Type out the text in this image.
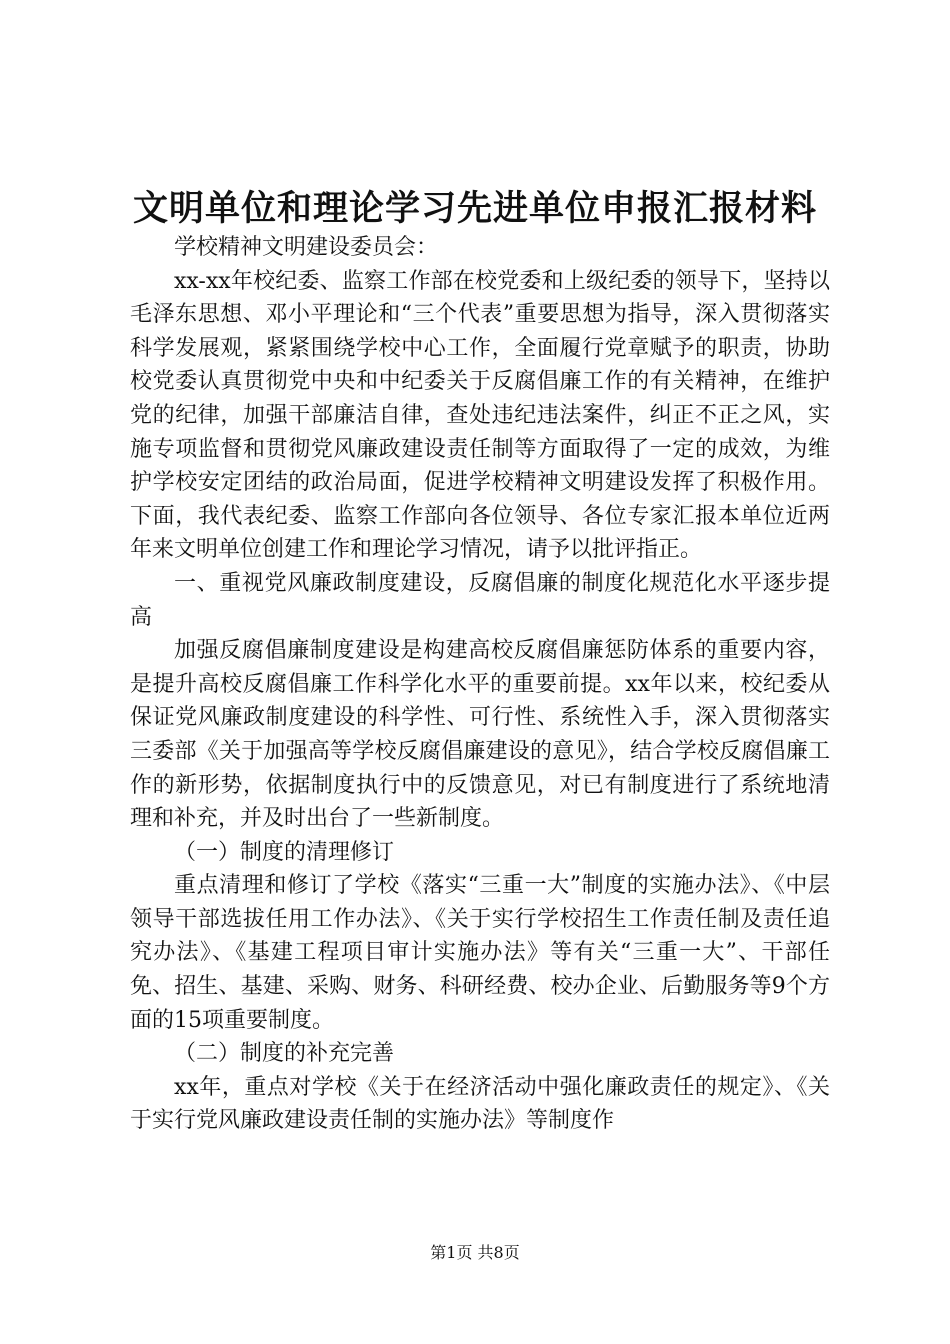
文明单位和理论学习先进单位申报汇报材料

学校精神文明建设委员会：

xx-xx年校纪委、监察工作部在校党委和上级纪委的领导下，坚持以毛泽东思想、邓小平理论和“三个代表”重要思想为指导，深入贯彻落实科学发展观，紧紧围绕学校中心工作，全面履行党章赋予的职责，协助校党委认真贯彻党中央和中纪委关于反腐倡廉工作的有关精神，在维护党的纪律，加强干部廉洁自律，查处违纪违法案件，纠正不正之风，实施专项监督和贯彻党风廉政建设责任制等方面取得了一定的成效，为维护学校安定团结的政治局面，促进学校精神文明建设发挥了积极作用。下面，我代表纪委、监察工作部向各位领导、各位专家汇报本单位近两年来文明单位创建工作和理论学习情况，请予以批评指正。

一、重视党风廉政制度建设，反腐倡廉的制度化规范化水平逐步提高

加强反腐倡廉制度建设是构建高校反腐倡廉惩防体系的重要内容，是提升高校反腐倡廉工作科学化水平的重要前提。xx年以来，校纪委从保证党风廉政制度建设的科学性、可行性、系统性入手，深入贯彻落实三委部《关于加强高等学校反腐倡廉建设的意见》，结合学校反腐倡廉工作的新形势，依据制度执行中的反馈意见，对已有制度进行了系统地清理和补充，并及时出台了一些新制度。

（一）制度的清理修订

重点清理和修订了学校《落实“三重一大”制度的实施办法》、《中层领导干部选拔任用工作办法》、《关于实行学校招生工作责任制及责任追究办法》、《基建工程项目审计实施办法》等有关“三重一大”、干部任免、招生、基建、采购、财务、科研经费、校办企业、后勤服务等9个方面的15项重要制度。

（二）制度的补充完善

xx年，重点对学校《关于在经济活动中强化廉政责任的规定》、《关于实行党风廉政建设责任制的实施办法》等制度作

第1页 共8页
